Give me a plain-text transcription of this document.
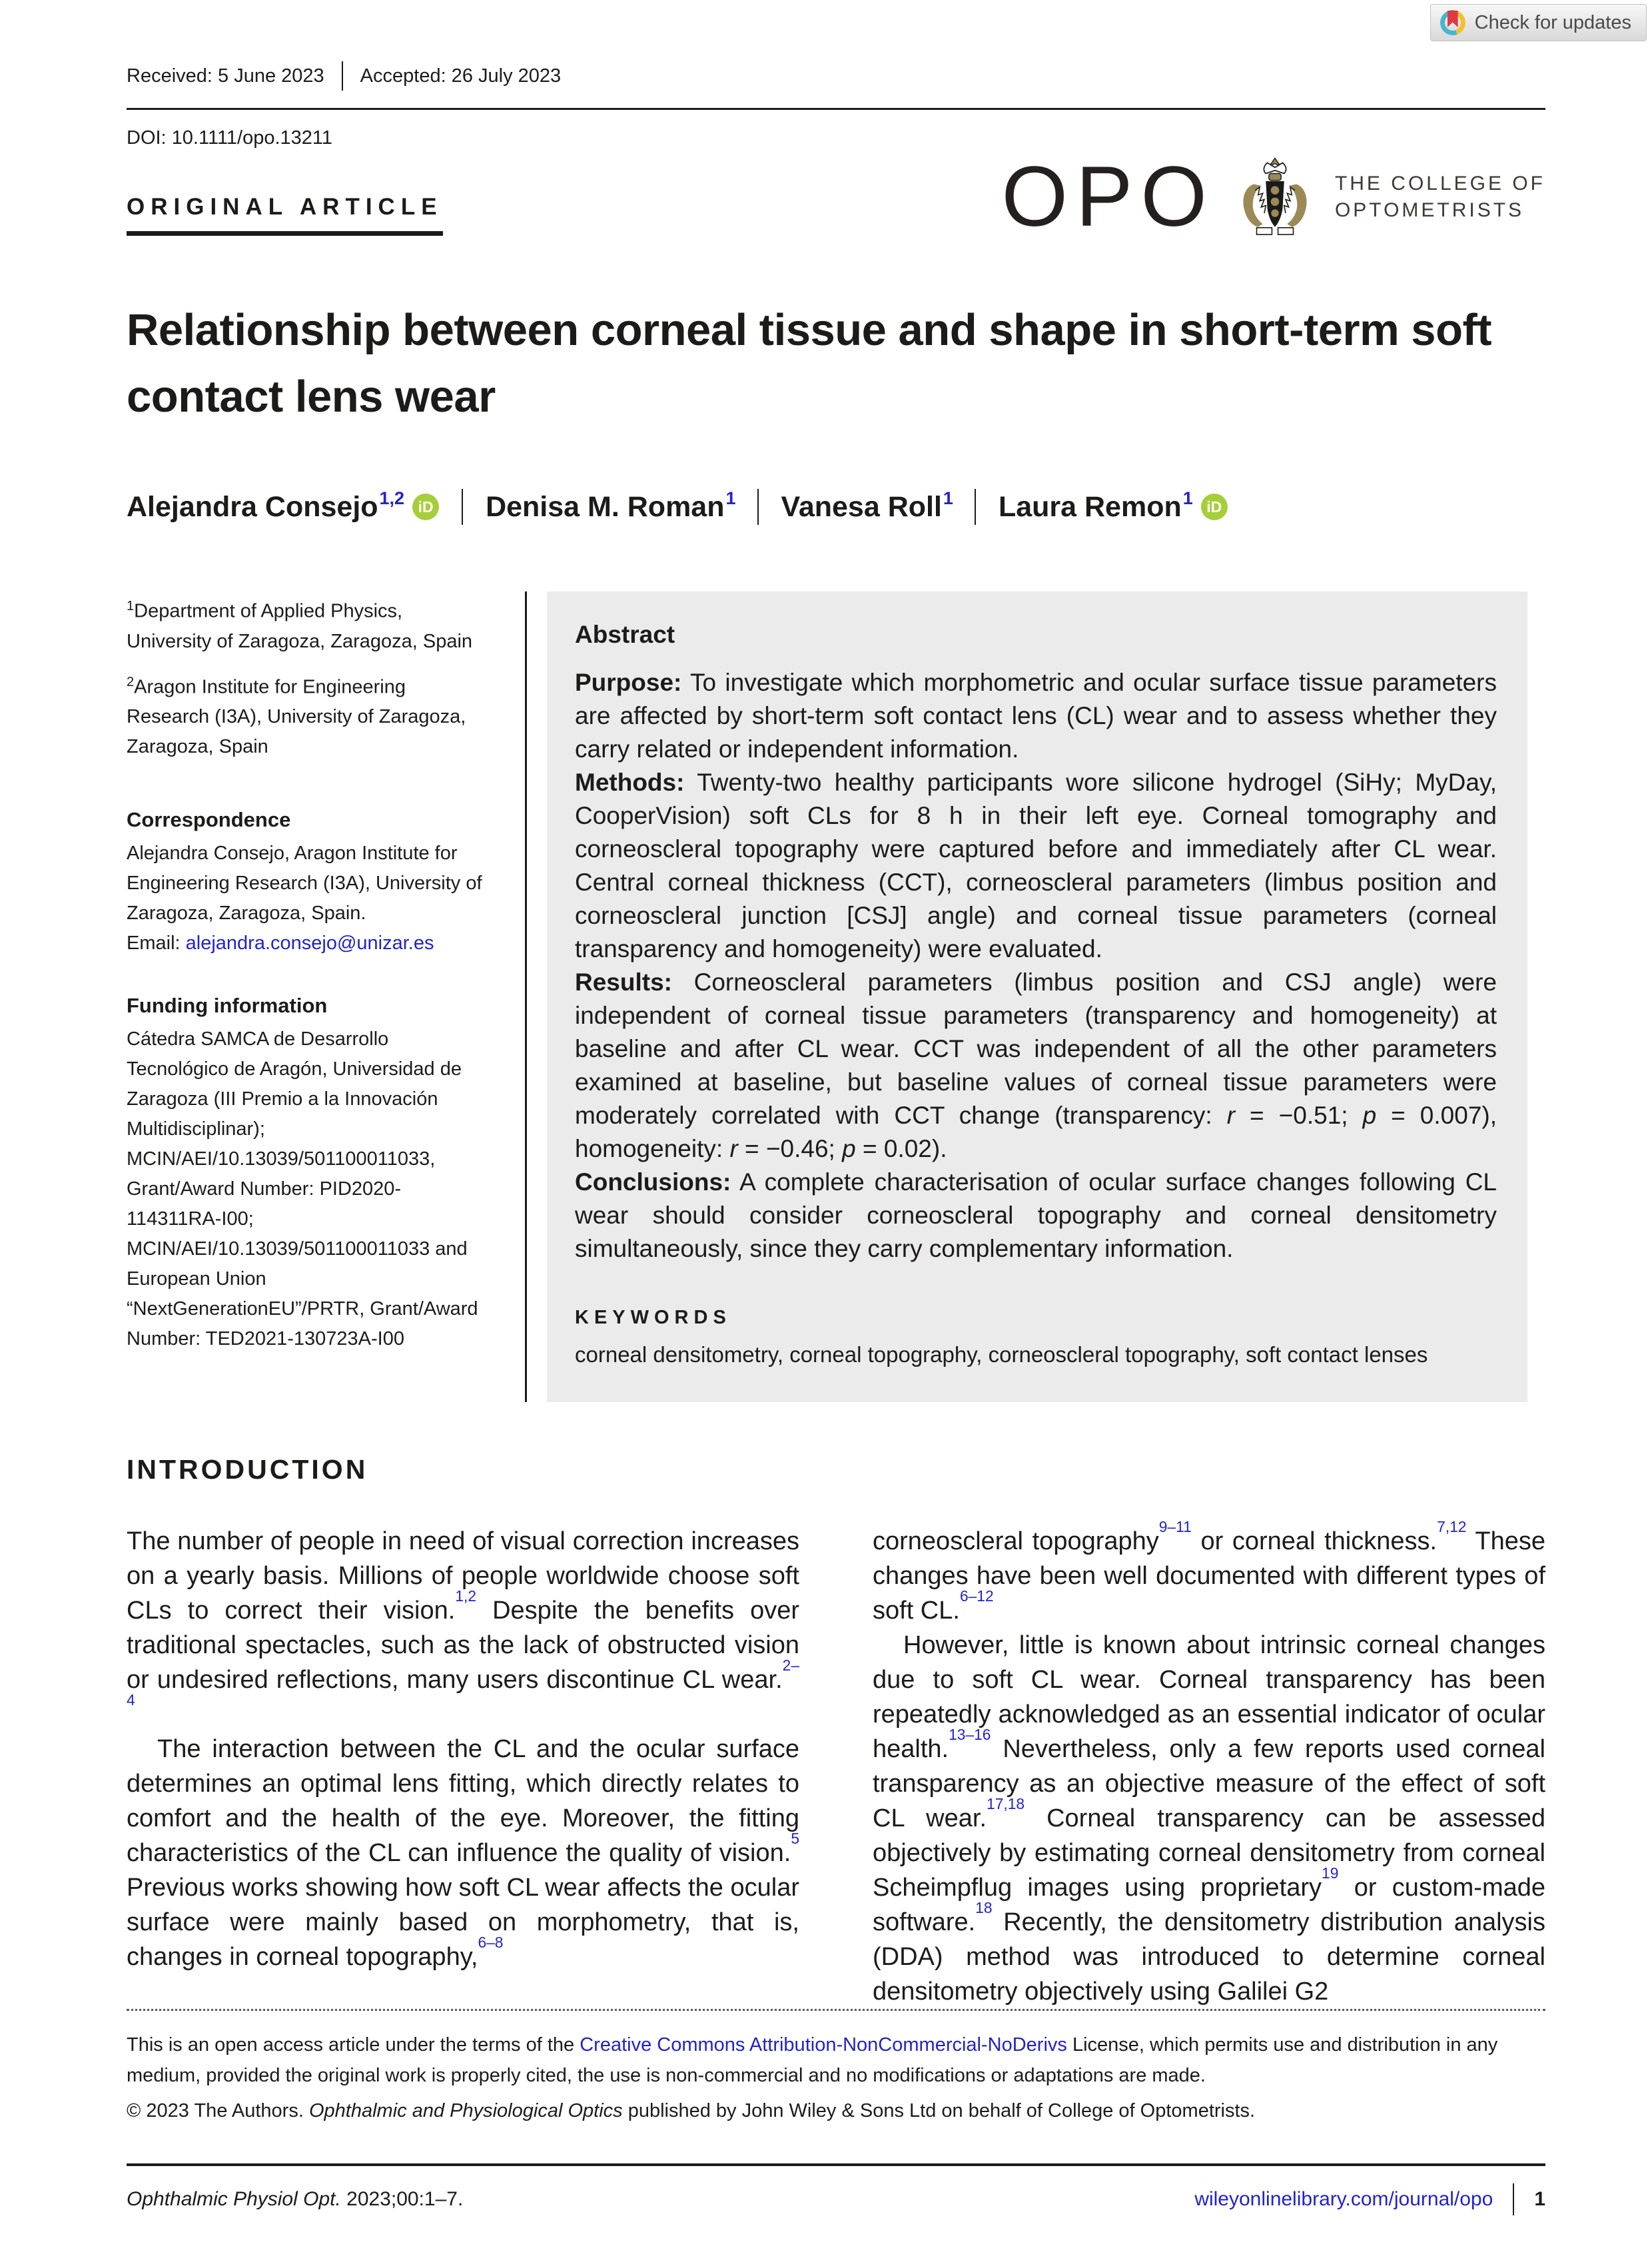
Check for updates
Received: 5 June 2023 Accepted: 26 July 2023
DOI: 10.1111/opo.13211
ORIGINAL ARTICLE	OPO	THE COLLEGE OF
OPTOMETRISTS
Relationship between corneal tissue and shape in short-term soft contact lens wear
Alejandra Consejo$^{1,2}$ iD Denisa M. Roman$^1$ Vanesa Roll$^1$ Laura Remon$^1$ iD

$^1$Department of Applied Physics, University of Zaragoza, Zaragoza, Spain

$^2$Aragon Institute for Engineering Research (I3A), University of Zaragoza, Zaragoza, Spain

Correspondence

Alejandra Consejo, Aragon Institute for Engineering Research (I3A), University of Zaragoza, Zaragoza, Spain.

Email: alejandra.consejo@unizar.es

Funding information

Cátedra SAMCA de Desarrollo Tecnológico de Aragón, Universidad de Zaragoza (III Premio a la Innovación Multidisciplinar); MCIN/AEI/10.13039/501100011033, Grant/Award Number: PID2020-114311RA-I00; MCIN/AEI/10.13039/501100011033 and European Union “NextGenerationEU”/PRTR, Grant/Award Number: TED2021-130723A-I00

Abstract

Purpose: To investigate which morphometric and ocular surface tissue parameters are affected by short-term soft contact lens (CL) wear and to assess whether they carry related or independent information.

Methods: Twenty-two healthy participants wore silicone hydrogel (SiHy; MyDay, CooperVision) soft CLs for 8 h in their left eye. Corneal tomography and corneoscleral topography were captured before and immediately after CL wear. Central corneal thickness (CCT), corneoscleral parameters (limbus position and corneoscleral junction [CSJ] angle) and corneal tissue parameters (corneal transparency and homogeneity) were evaluated.

Results: Corneoscleral parameters (limbus position and CSJ angle) were independent of corneal tissue parameters (transparency and homogeneity) at baseline and after CL wear. CCT was independent of all the other parameters examined at baseline, but baseline values of corneal tissue parameters were moderately correlated with CCT change (transparency: r = −0.51; p = 0.007), homogeneity: r = −0.46; p = 0.02).

Conclusions: A complete characterisation of ocular surface changes following CL wear should consider corneoscleral topography and corneal densitometry simultaneously, since they carry complementary information.

KEYWORDS
corneal densitometry, corneal topography, corneoscleral topography, soft contact lenses
INTRODUCTION

The number of people in need of visual correction increases on a yearly basis. Millions of people worldwide choose soft CLs to correct their vision.$^{1,2}$ Despite the benefits over traditional spectacles, such as the lack of obstructed vision or undesired reflections, many users discontinue CL wear.$^{2-4}$

The interaction between the CL and the ocular surface determines an optimal lens fitting, which directly relates to comfort and the health of the eye. Moreover, the fitting characteristics of the CL can influence the quality of vision.$^5$ Previous works showing how soft CL wear affects the ocular surface were mainly based on morphometry, that is, changes in corneal topography,$^{6-8}$

corneoscleral topography$^{9-11}$ or corneal thickness.$^{7,12}$ These changes have been well documented with different types of soft CL.$^{6-12}$

However, little is known about intrinsic corneal changes due to soft CL wear. Corneal transparency has been repeatedly acknowledged as an essential indicator of ocular health.$^{13-16}$ Nevertheless, only a few reports used corneal transparency as an objective measure of the effect of soft CL wear.$^{17,18}$ Corneal transparency can be assessed objectively by estimating corneal densitometry from corneal Scheimpflug images using proprietary$^{19}$ or custom-made software.$^{18}$ Recently, the densitometry distribution analysis (DDA) method was introduced to determine corneal densitometry objectively using Galilei G2

This is an open access article under the terms of the Creative Commons Attribution-NonCommercial-NoDerivs License, which permits use and distribution in any medium, provided the original work is properly cited, the use is non-commercial and no modifications or adaptations are made.

© 2023 The Authors. Ophthalmic and Physiological Optics published by John Wiley & Sons Ltd on behalf of College of Optometrists.

Ophthalmic Physiol Opt. 2023;00:1–7.	wileyonlinelibrary.com/journal/opo 1
